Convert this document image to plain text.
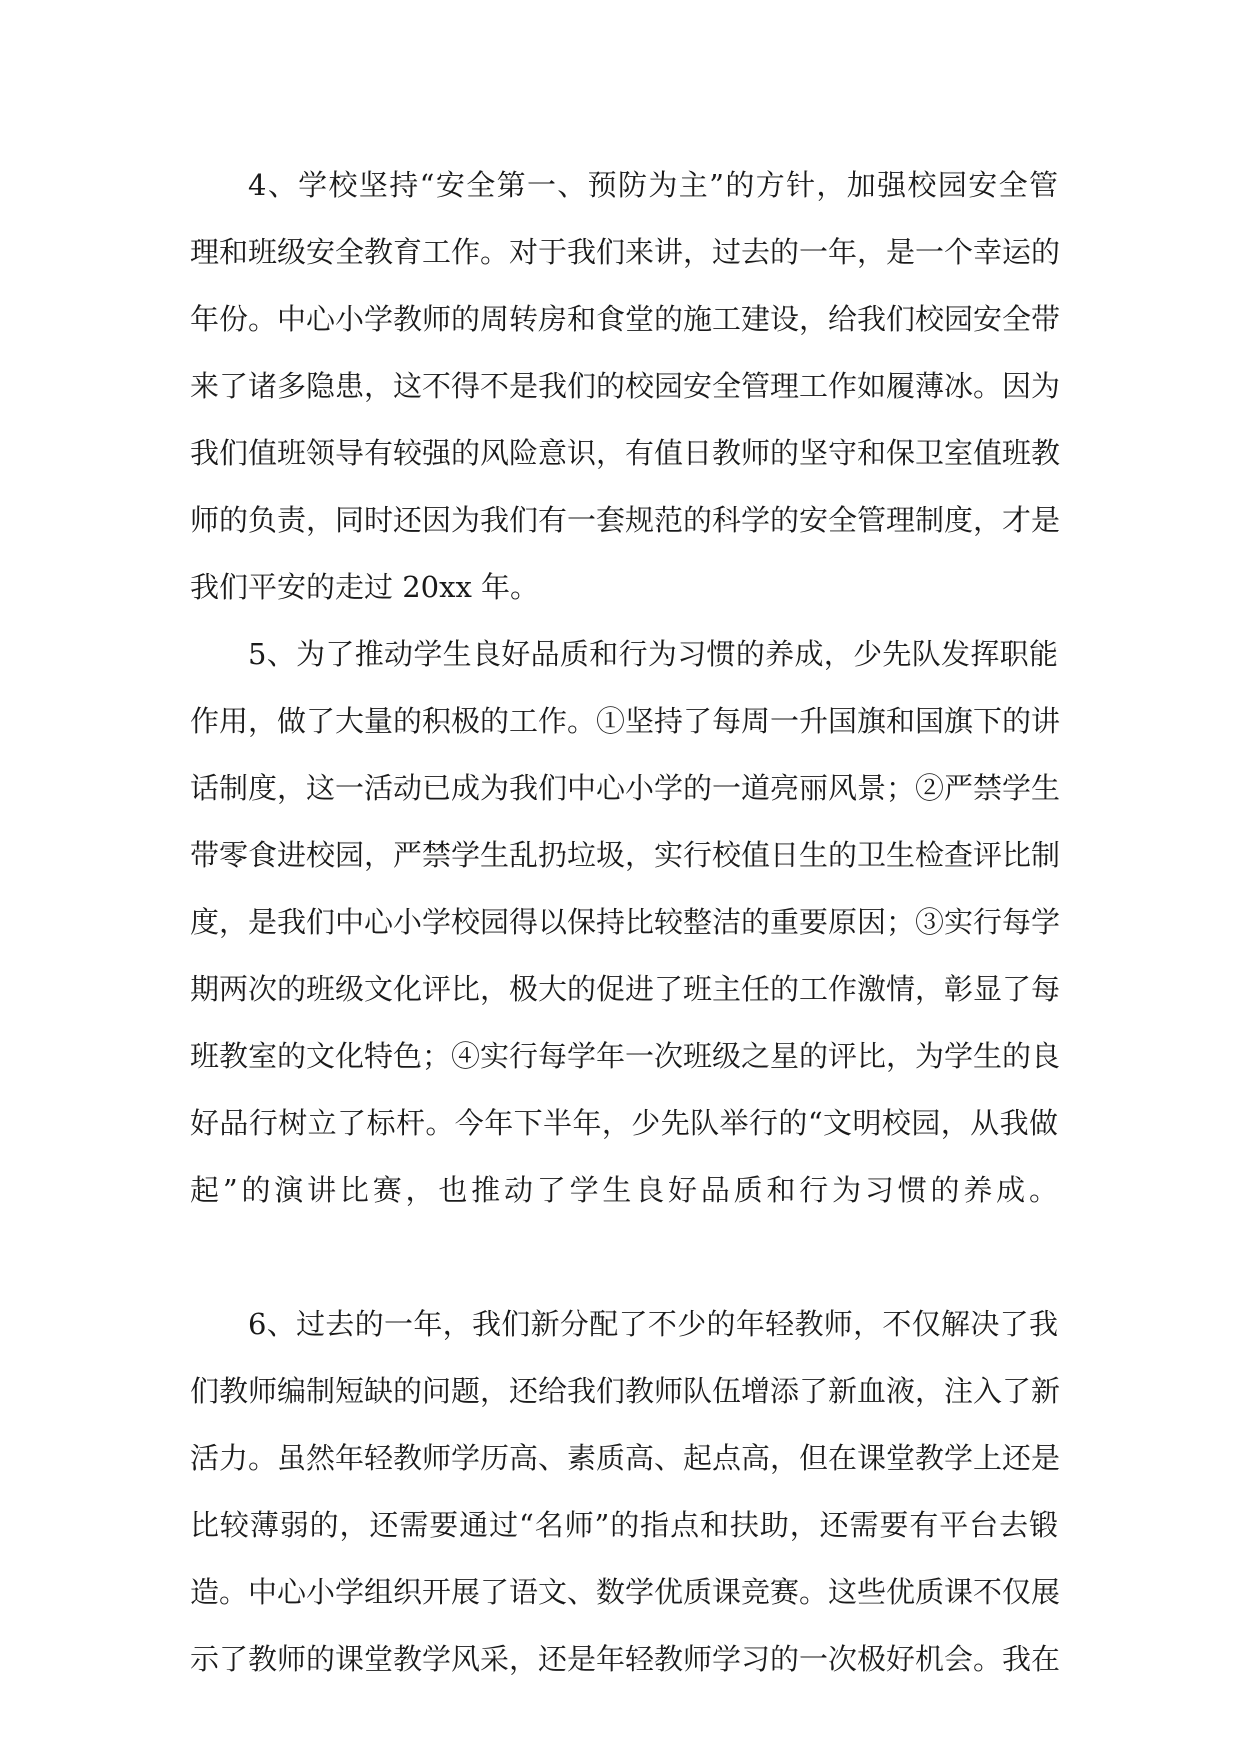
4、学校坚持“安全第一、预防为主”的方针，加强校园安全管
理和班级安全教育工作。对于我们来讲，过去的一年，是一个幸运的
年份。中心小学教师的周转房和食堂的施工建设，给我们校园安全带
来了诸多隐患，这不得不是我们的校园安全管理工作如履薄冰。因为
我们值班领导有较强的风险意识，有值日教师的坚守和保卫室值班教
师的负责，同时还因为我们有一套规范的科学的安全管理制度，才是
我们平安的走过 20xx 年。
5、为了推动学生良好品质和行为习惯的养成，少先队发挥职能
作用，做了大量的积极的工作。①坚持了每周一升国旗和国旗下的讲
话制度，这一活动已成为我们中心小学的一道亮丽风景；②严禁学生
带零食进校园，严禁学生乱扔垃圾，实行校值日生的卫生检查评比制
度，是我们中心小学校园得以保持比较整洁的重要原因；③实行每学
期两次的班级文化评比，极大的促进了班主任的工作激情，彰显了每
班教室的文化特色；④实行每学年一次班级之星的评比，为学生的良
好品行树立了标杆。今年下半年，少先队举行的“文明校园，从我做
起”的演讲比赛，也推动了学生良好品质和行为习惯的养成。
6、过去的一年，我们新分配了不少的年轻教师，不仅解决了我
们教师编制短缺的问题，还给我们教师队伍增添了新血液，注入了新
活力。虽然年轻教师学历高、素质高、起点高，但在课堂教学上还是
比较薄弱的，还需要通过“名师”的指点和扶助，还需要有平台去锻
造。中心小学组织开展了语文、数学优质课竞赛。这些优质课不仅展
示了教师的课堂教学风采，还是年轻教师学习的一次极好机会。我在
